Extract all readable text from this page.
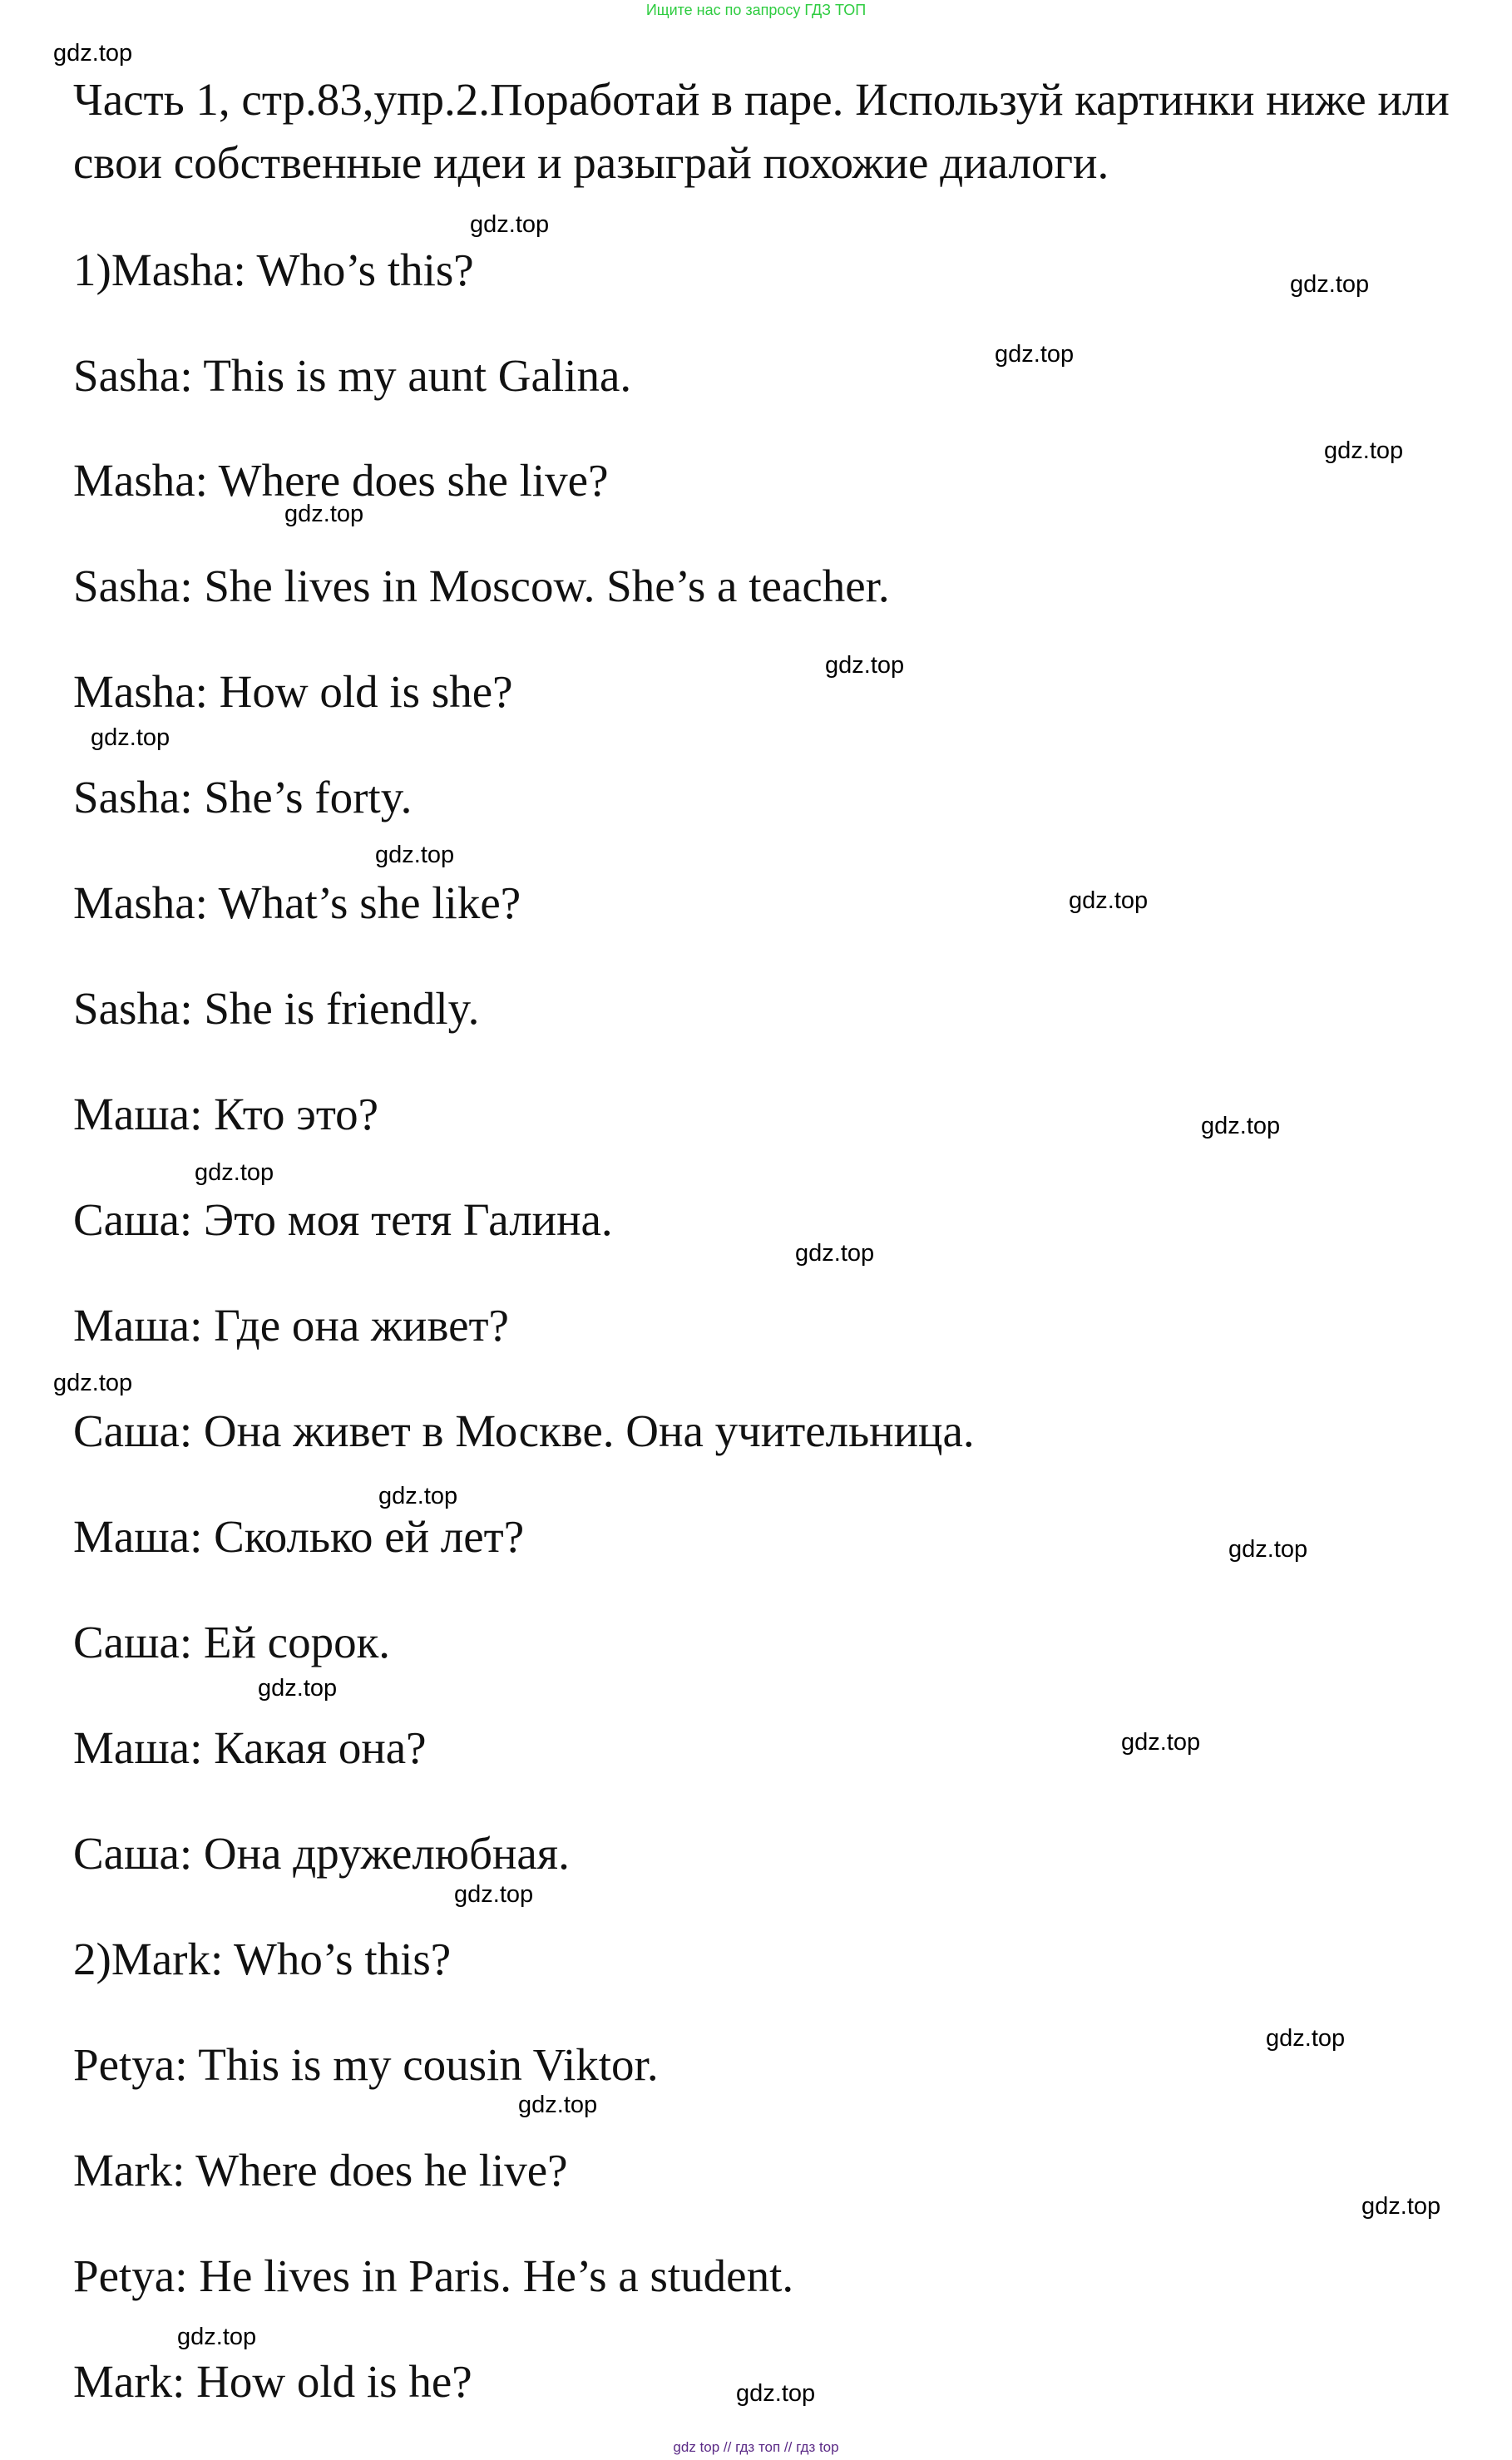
Ищите нас по запросу ГДЗ ТОП
gdz.top
Часть 1, стр.83,упр.2.Поработай в паре. Используй картинки ниже или свои собственные идеи и разыграй похожие диалоги.
gdz.top
1)Masha: Who’s this?	gdz.top
gdz.top
Sasha: This is my aunt Galina.
gdz.top
Masha: Where does she live?
gdz.top
Sasha: She lives in Moscow. She’s a teacher.
gdz.top
Masha: How old is she?
gdz.top
Sasha: She’s forty.
gdz.top
Masha: What’s she like?	gdz.top
Sasha: She is friendly.
Маша: Кто это?	gdz.top
gdz.top
Саша: Это моя тетя Галина.
gdz.top
Маша: Где она живет?
gdz.top
Саша: Она живет в Москве. Она учительница.
gdz.top
Маша: Сколько ей лет?	gdz.top
Саша: Ей сорок.
gdz.top
Маша: Какая она?	gdz.top
Саша: Она дружелюбная.
gdz.top
2)Mark: Who’s this?
gdz.top
Petya: This is my cousin Viktor.
gdz.top
Mark: Where does he live?
gdz.top
Petya: He lives in Paris. He’s a student.
gdz.top
Mark: How old is he?	gdz.top
gdz top // гдз топ // гдз top
